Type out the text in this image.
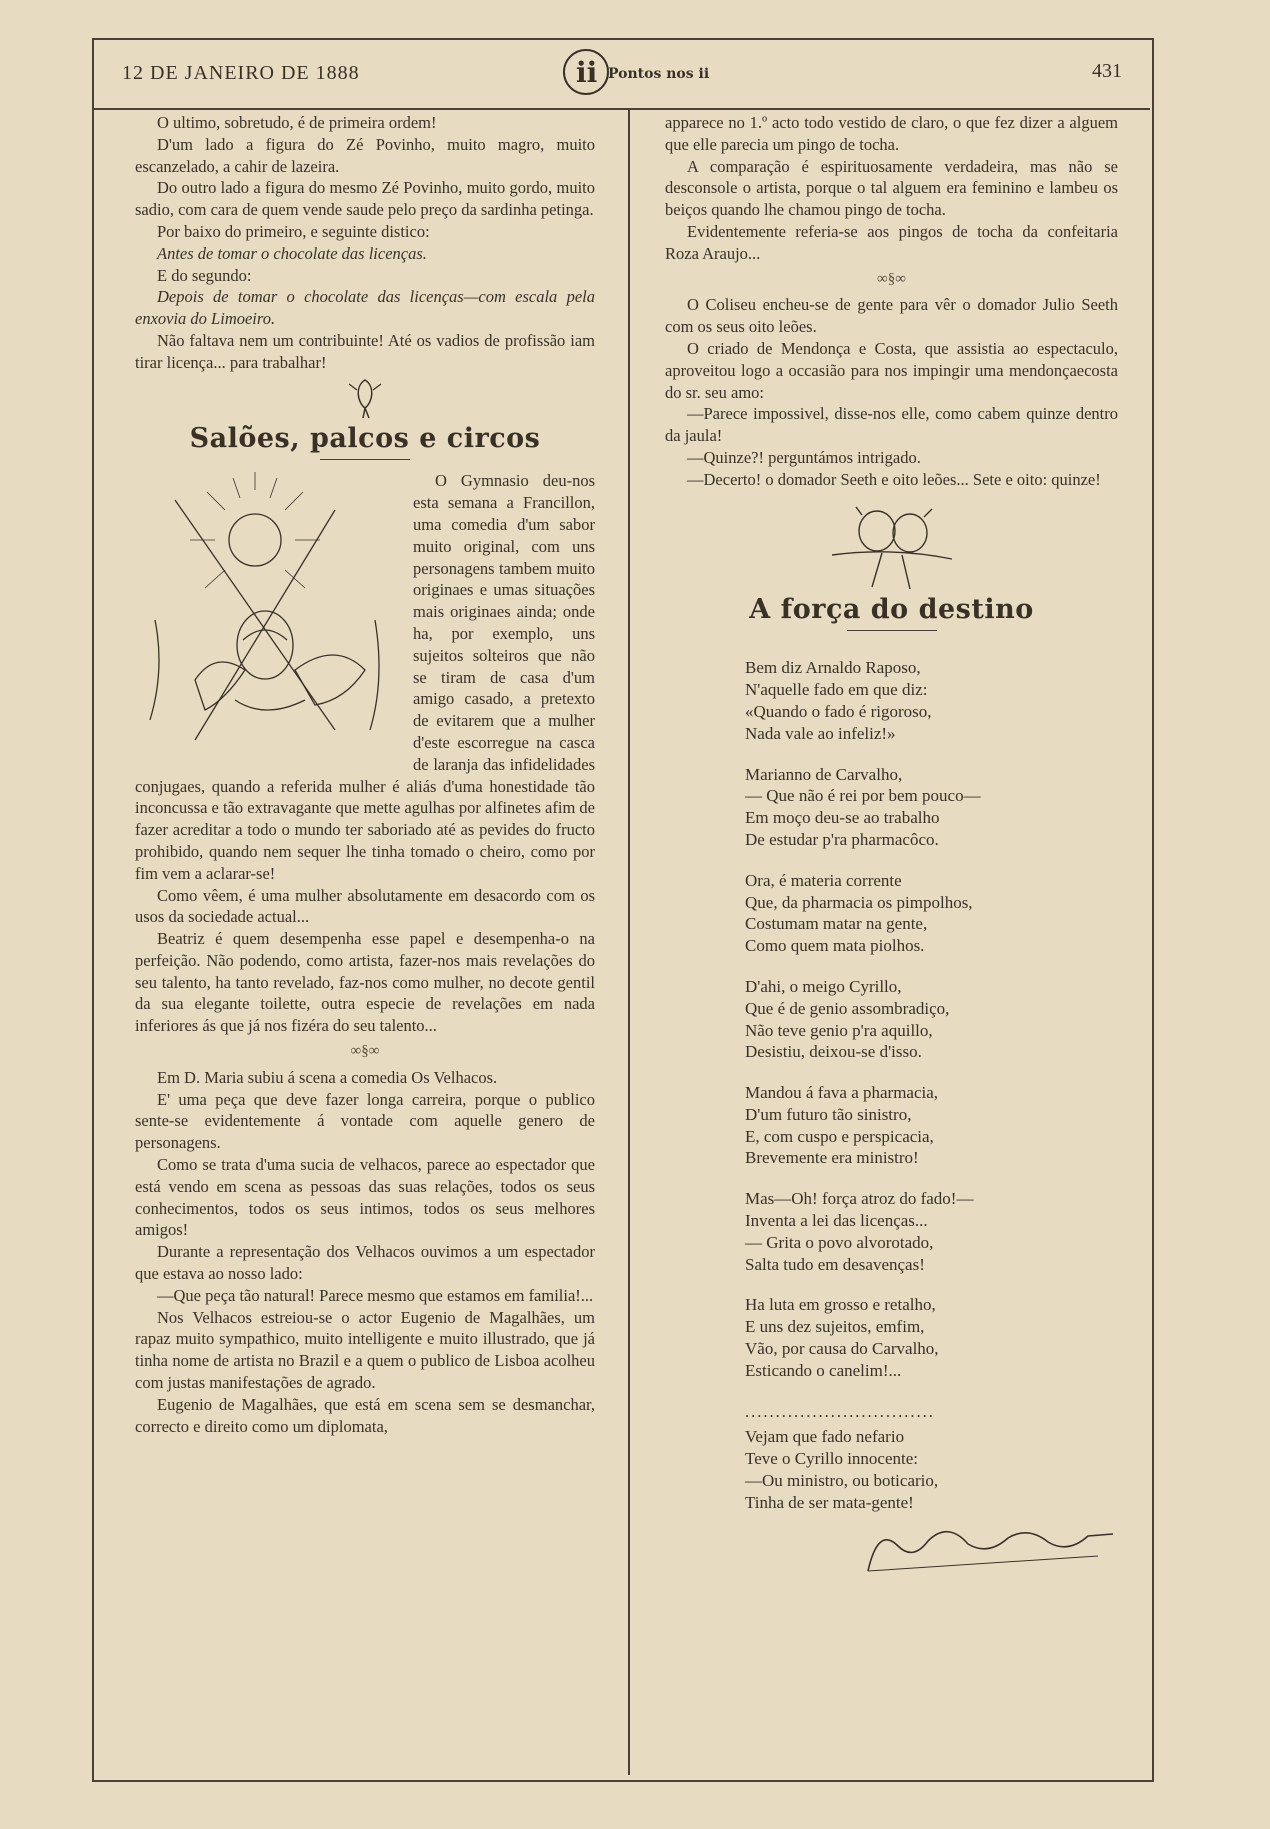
12 DE JANEIRO DE 1888	ii Pontos nos ii	431

O ultimo, sobretudo, é de primeira ordem!

D'um lado a figura do Zé Povinho, muito magro, muito escanzelado, a cahir de lazeira.

Do outro lado a figura do mesmo Zé Povinho, muito gordo, muito sadio, com cara de quem vende saude pelo preço da sardinha petinga.

Por baixo do primeiro, e seguinte distico:

Antes de tomar o chocolate das licenças.

E do segundo:

Depois de tomar o chocolate das licenças—com escala pela enxovia do Limoeiro.

Não faltava nem um contribuinte! Até os vadios de profissão iam tirar licença... para trabalhar!

Salões, palcos e circos

O Gymnasio deu-nos esta semana a Francillon, uma comedia d'um sabor muito original, com uns personagens tambem muito originaes e umas situações mais originaes ainda; onde ha, por exemplo, uns sujeitos solteiros que não se tiram de casa d'um amigo casado, a pretexto de evitarem que a mulher d'este escorregue na casca de laranja das infidelidades conjugaes, quando a referida mulher é aliás d'uma honestidade tão inconcussa e tão extravagante que mette agulhas por alfinetes afim de fazer acreditar a todo o mundo ter saboriado até as pevides do fructo prohibido, quando nem sequer lhe tinha tomado o cheiro, como por fim vem a aclarar-se!

Como vêem, é uma mulher absolutamente em desacordo com os usos da sociedade actual...

Beatriz é quem desempenha esse papel e desempenha-o na perfeição. Não podendo, como artista, fazer-nos mais revelações do seu talento, ha tanto revelado, faz-nos como mulher, no decote gentil da sua elegante toilette, outra especie de revelações em nada inferiores ás que já nos fizéra do seu talento...

∞§∞

Em D. Maria subiu á scena a comedia Os Velhacos.

E' uma peça que deve fazer longa carreira, porque o publico sente-se evidentemente á vontade com aquelle genero de personagens.

Como se trata d'uma sucia de velhacos, parece ao espectador que está vendo em scena as pessoas das suas relações, todos os seus conhecimentos, todos os seus intimos, todos os seus melhores amigos!

Durante a representação dos Velhacos ouvimos a um espectador que estava ao nosso lado:

—Que peça tão natural! Parece mesmo que estamos em familia!...

Nos Velhacos estreiou-se o actor Eugenio de Magalhães, um rapaz muito sympathico, muito intelligente e muito illustrado, que já tinha nome de artista no Brazil e a quem o publico de Lisboa acolheu com justas manifestações de agrado.

Eugenio de Magalhães, que está em scena sem se desmanchar, correcto e direito como um diplomata,

apparece no 1.º acto todo vestido de claro, o que fez dizer a alguem que elle parecia um pingo de tocha.

A comparação é espirituosamente verdadeira, mas não se desconsole o artista, porque o tal alguem era feminino e lambeu os beiços quando lhe chamou pingo de tocha.

Evidentemente referia-se aos pingos de tocha da confeitaria Roza Araujo...

∞§∞

O Coliseu encheu-se de gente para vêr o domador Julio Seeth com os seus oito leões.

O criado de Mendonça e Costa, que assistia ao espectaculo, aproveitou logo a occasião para nos impingir uma mendonçaecosta do sr. seu amo:

—Parece impossivel, disse-nos elle, como cabem quinze dentro da jaula!

—Quinze?! perguntámos intrigado.

—Decerto! o domador Seeth e oito leões... Sete e oito: quinze!

A força do destino
Bem diz Arnaldo Raposo,
N'aquelle fado em que diz:
«Quando o fado é rigoroso,
Nada vale ao infeliz!»
Marianno de Carvalho,
— Que não é rei por bem pouco—
Em moço deu-se ao trabalho
De estudar p'ra pharmacôco.
Ora, é materia corrente
Que, da pharmacia os pimpolhos,
Costumam matar na gente,
Como quem mata piolhos.
D'ahi, o meigo Cyrillo,
Que é de genio assombradiço,
Não teve genio p'ra aquillo,
Desistiu, deixou-se d'isso.
Mandou á fava a pharmacia,
D'um futuro tão sinistro,
E, com cuspo e perspicacia,
Brevemente era ministro!
Mas—Oh! força atroz do fado!—
Inventa a lei das licenças...
— Grita o povo alvorotado,
Salta tudo em desavenças!
Ha luta em grosso e retalho,
E uns dez sujeitos, emfim,
Vão, por causa do Carvalho,
Esticando o canelim!...
...............................
Vejam que fado nefario
Teve o Cyrillo innocente:
—Ou ministro, ou boticario,
Tinha de ser mata-gente!
